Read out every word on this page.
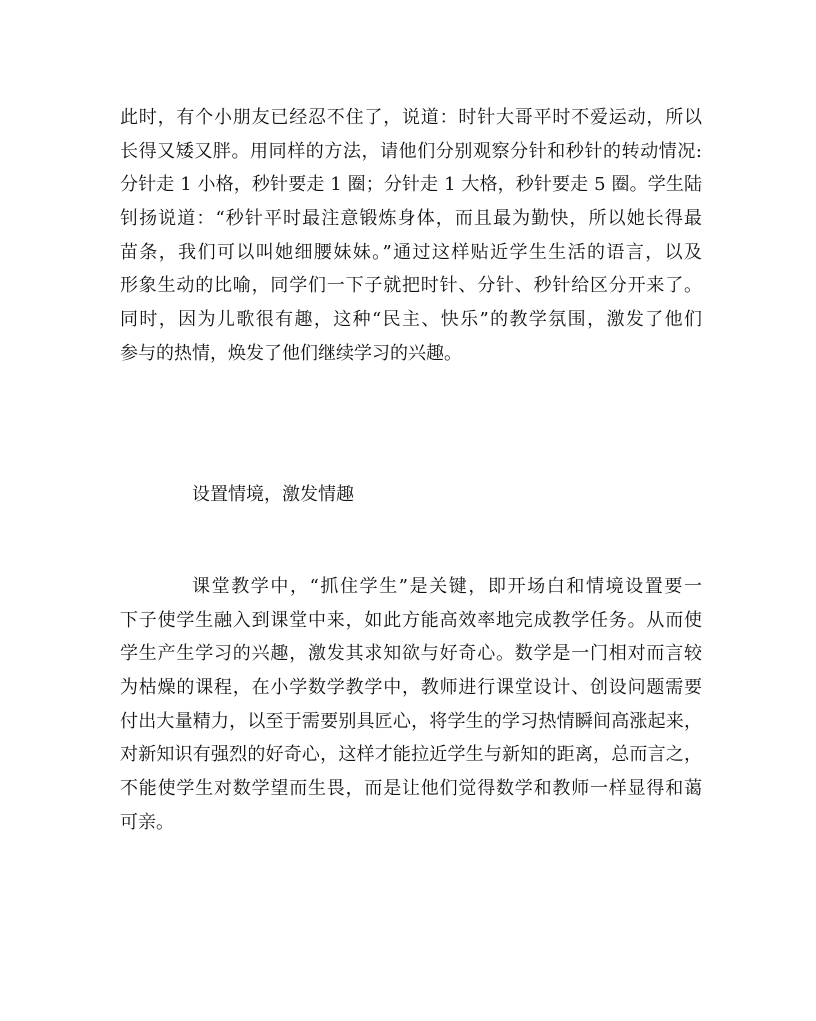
此时，有个小朋友已经忍不住了，说道：时针大哥平时不爱运动，所以
长得又矮又胖。用同样的方法，请他们分别观察分针和秒针的转动情况:
分针走 1 小格，秒针要走 1 圈；分针走 1 大格，秒针要走 5 圈。学生陆
钊扬说道：“秒针平时最注意锻炼身体，而且最为勤快，所以她长得最
苗条，我们可以叫她细腰妹妹。”通过这样贴近学生生活的语言，以及
形象生动的比喻，同学们一下子就把时针、分针、秒针给区分开来了。
同时，因为儿歌很有趣，这种“民主、快乐”的教学氛围，激发了他们
参与的热情，焕发了他们继续学习的兴趣。
设置情境，激发情趣
课堂教学中，“抓住学生”是关键，即开场白和情境设置要一
下子使学生融入到课堂中来，如此方能高效率地完成教学任务。从而使
学生产生学习的兴趣，激发其求知欲与好奇心。数学是一门相对而言较
为枯燥的课程，在小学数学教学中，教师进行课堂设计、创设问题需要
付出大量精力，以至于需要别具匠心，将学生的学习热情瞬间高涨起来，
对新知识有强烈的好奇心，这样才能拉近学生与新知的距离，总而言之，
不能使学生对数学望而生畏，而是让他们觉得数学和教师一样显得和蔼
可亲。
